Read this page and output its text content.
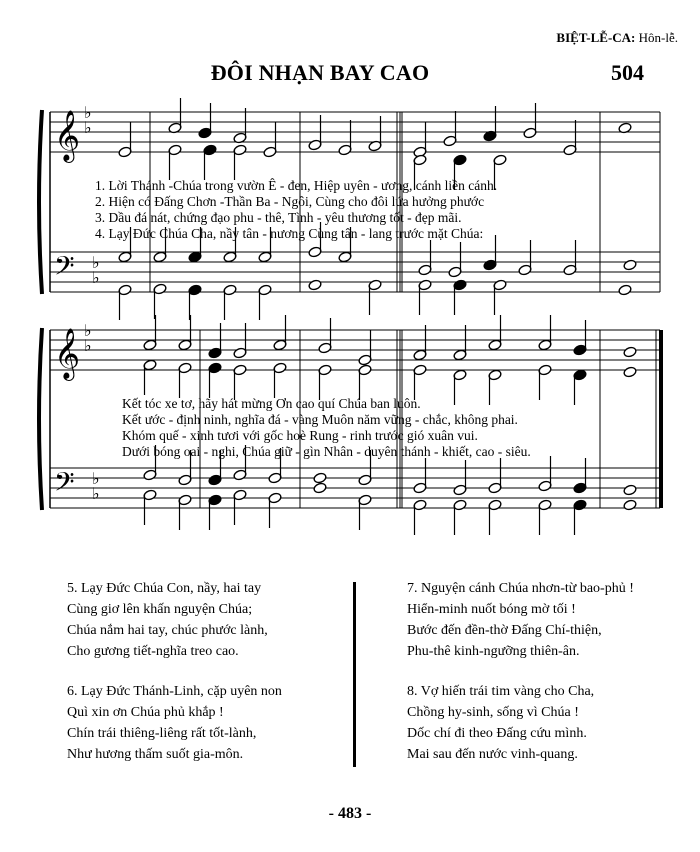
BIỆT-LỄ-CA: Hôn-lễ.
ĐÔI NHẠN BAY CAO	504
𝄞
𝄢
♭
♭
♭
♭
𝄞
𝄢
♭
♭
♭
♭
1. Lời Thánh -Chúa trong vườn Ê - đen, Hiệp uyên - ương, cánh liền cánh.
2. Hiện có Đấng Chơn -Thần Ba - Ngôi, Cùng cho đôi lứa hưởng phước
3. Dầu đá nát, chứng đạo phu - thê, Tình - yêu thương tốt - đẹp mãi.
4. Lạy Đức Chúa Cha, nầy tân - nương Cùng tân - lang trước mặt Chúa:
Kết tóc xe tơ, hãy hát mừng Ơn cao quí Chúa ban luôn.
Kết ước - định ninh, nghĩa đá - vàng Muôn năm vững - chắc, không phai.
Khóm quế - xinh tươi với gốc hoè Rung - rinh trước gió xuân vui.
Dưới bóng oai - nghi, Chúa giữ - gìn Nhân - duyên thánh - khiết, cao - siêu.
5. Lạy Đức Chúa Con, nầy, hai tay
Cùng giơ lên khấn nguyện Chúa;
Chúa nắm hai tay, chúc phước lành,
Cho gương tiết-nghĩa treo cao.
6. Lạy Đức Thánh-Linh, cặp uyên non
Quì xin ơn Chúa phủ khắp !
Chín trái thiêng-liêng rất tốt-lành,
Như hương thấm suốt gia-môn.
7. Nguyện cánh Chúa nhơn-từ bao-phủ !
Hiển-minh nuốt bóng mờ tối !
Bước đến đền-thờ Đấng Chí-thiện,
Phu-thê kinh-ngưỡng thiên-ân.
8. Vợ hiến trái tim vàng cho Cha,
Chồng hy-sinh, sống vì Chúa !
Dốc chí đi theo Đấng cứu mình.
Mai sau đến nước vinh-quang.
- 483 -
